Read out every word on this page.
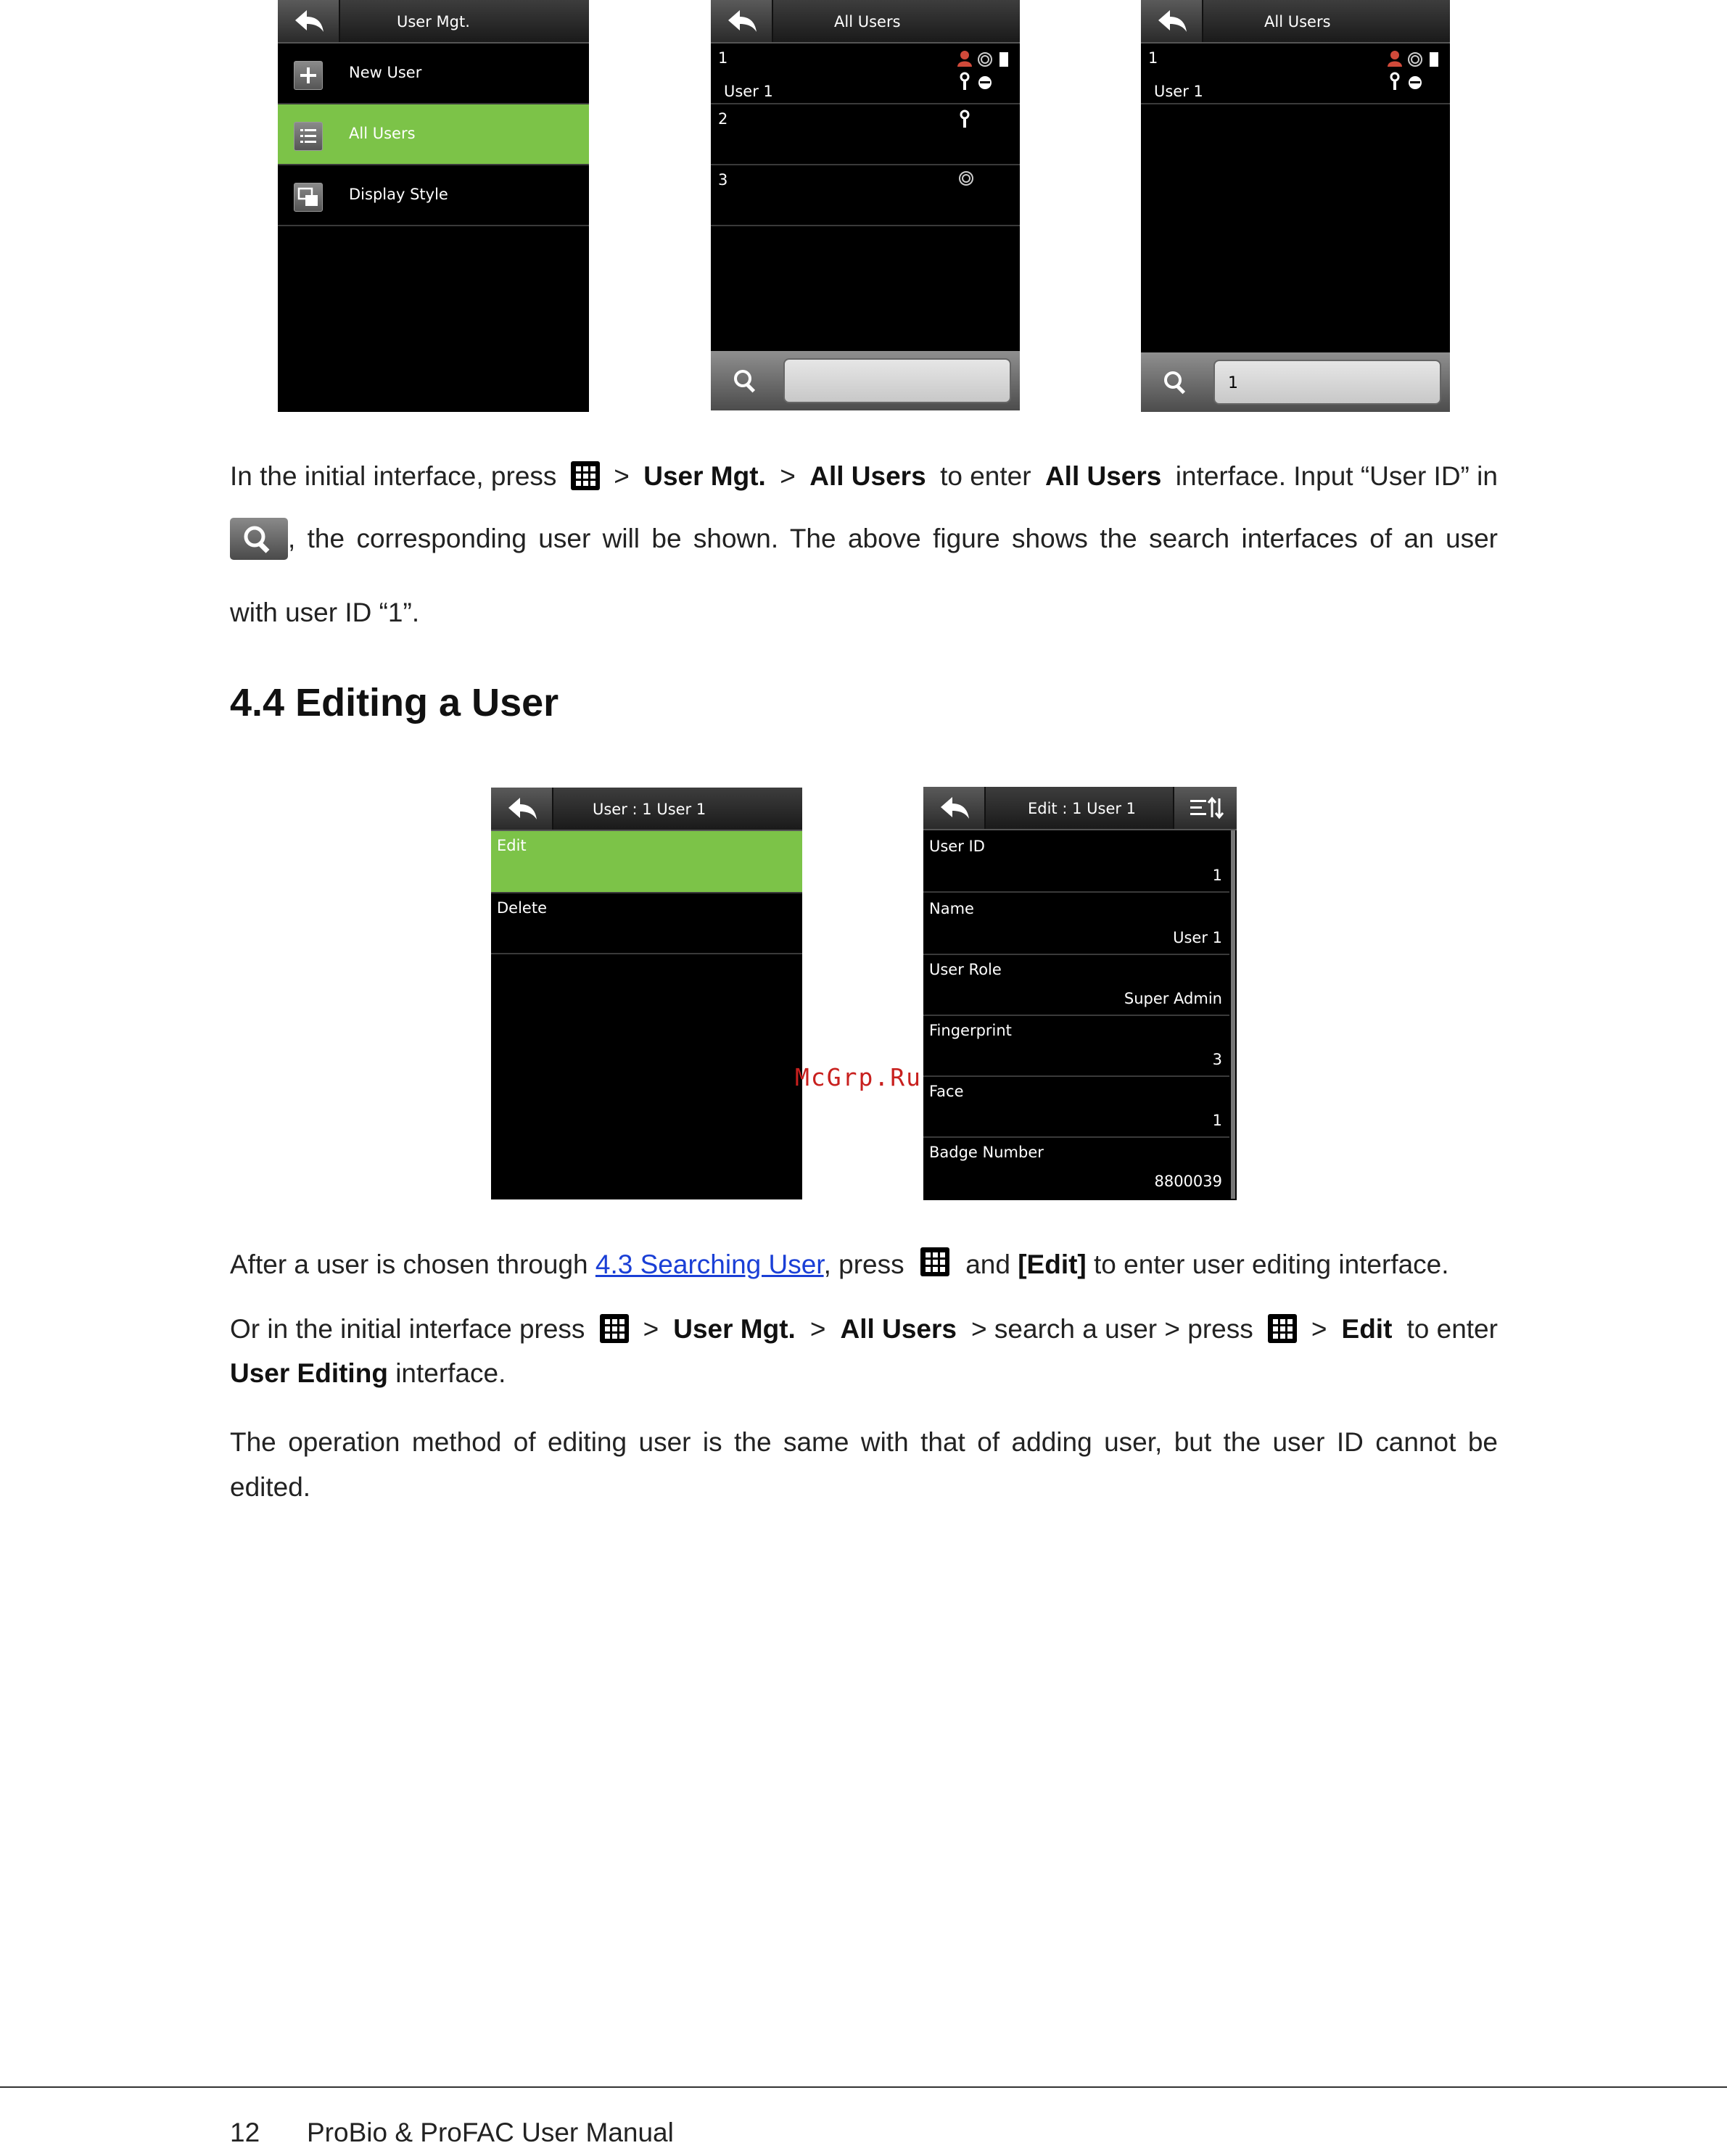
User Mgt.
New User
All Users
Display Style
All Users
1
User 1
2
3
All Users
1
User 1
1
In the initial interface, press > User Mgt. > All Users to enter All Users interface. Input “User ID” in
, the corresponding user will be shown. The above figure shows the search interfaces of an user
with user ID “1”.
4.4 Editing a User
User : 1 User 1
Edit
Delete
Edit : 1 User 1
User ID
1
Name
User 1
User Role
Super Admin
Fingerprint
3
Face
1
Badge Number
8800039
McGrp.Ru
After a user is chosen through 4.3 Searching User, press and [Edit] to enter user editing interface.
Or in the initial interface press > User Mgt. > All Users > search a user > press > Edit to enter
User Editing interface.
The operation method of editing user is the same with that of adding user, but the user ID cannot be
edited.
12 ProBio & ProFAC User Manual
